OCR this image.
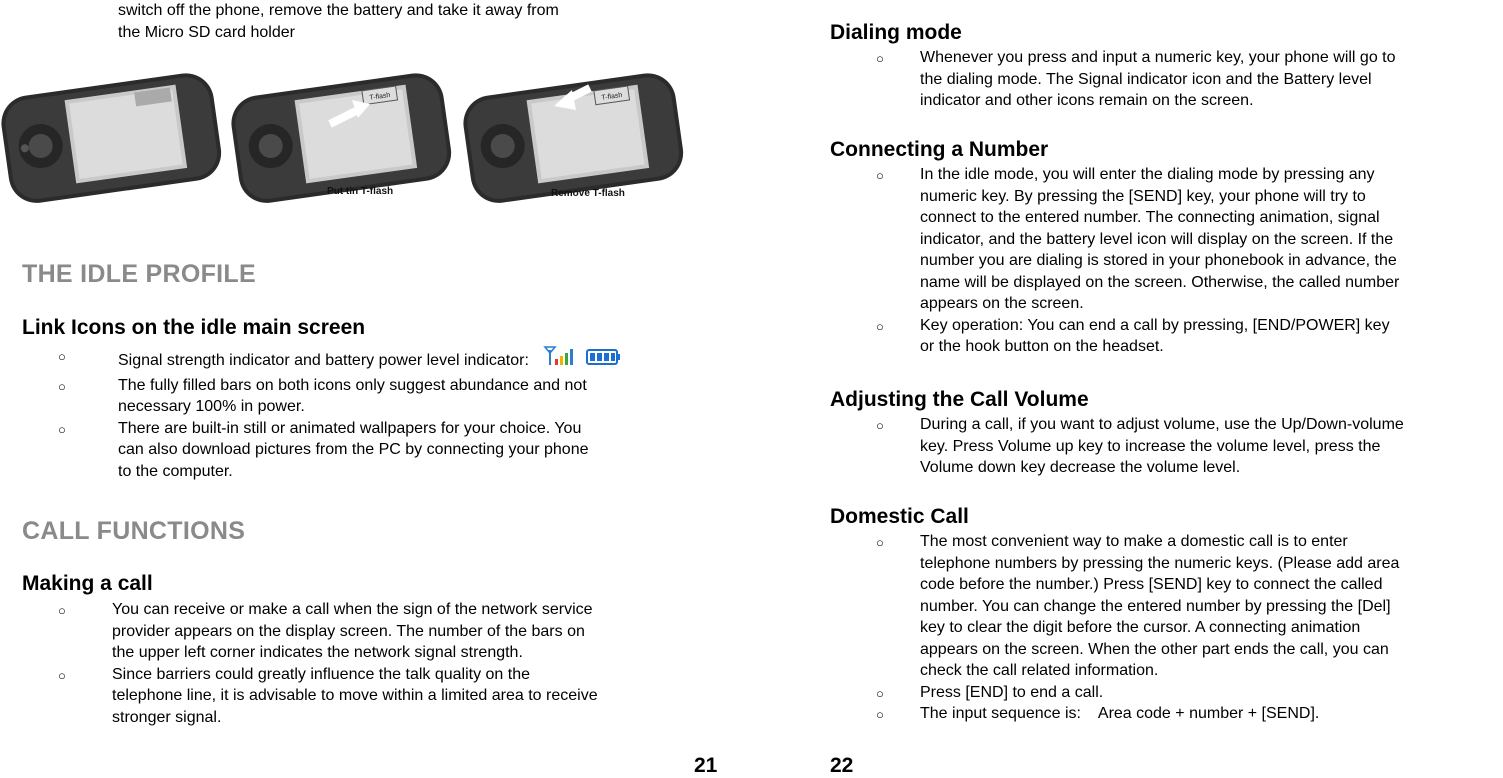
switch off the phone, remove the battery and take it away from
the Micro SD card holder
T-flash	T-flash
Put tin T-flash	Remove T-flash
THE IDLE PROFILE
Link Icons on the idle main screen
○	Signal strength indicator and battery power level indicator:
○	The fully filled bars on both icons only suggest abundance and not
necessary 100% in power.
○	There are built-in still or animated wallpapers for your choice. You
can also download pictures from the PC by connecting your phone
to the computer.
CALL FUNCTIONS
Making a call
○	You can receive or make a call when the sign of the network service
provider appears on the display screen. The number of the bars on
the upper left corner indicates the network signal strength.
○	Since barriers could greatly influence the talk quality on the
telephone line, it is advisable to move within a limited area to receive
stronger signal.
21
Dialing mode
○ Whenever you press and input a numeric key, your phone will go to
the dialing mode. The Signal indicator icon and the Battery level
indicator and other icons remain on the screen.
Connecting a Number
○ In the idle mode, you will enter the dialing mode by pressing any
numeric key. By pressing the [SEND] key, your phone will try to
connect to the entered number. The connecting animation, signal
indicator, and the battery level icon will display on the screen. If the
number you are dialing is stored in your phonebook in advance, the
name will be displayed on the screen. Otherwise, the called number
appears on the screen.
○ Key operation: You can end a call by pressing, [END/POWER] key
or the hook button on the headset.
Adjusting the Call Volume
○ During a call, if you want to adjust volume, use the Up/Down-volume
key. Press Volume up key to increase the volume level, press the
Volume down key decrease the volume level.
Domestic Call
○ The most convenient way to make a domestic call is to enter
telephone numbers by pressing the numeric keys. (Please add area
code before the number.) Press [SEND] key to connect the called
number. You can change the entered number by pressing the [Del]
key to clear the digit before the cursor. A connecting animation
appears on the screen. When the other part ends the call, you can
check the call related information.
○ Press [END] to end a call.
○ The input sequence is:    Area code + number + [SEND].
22
